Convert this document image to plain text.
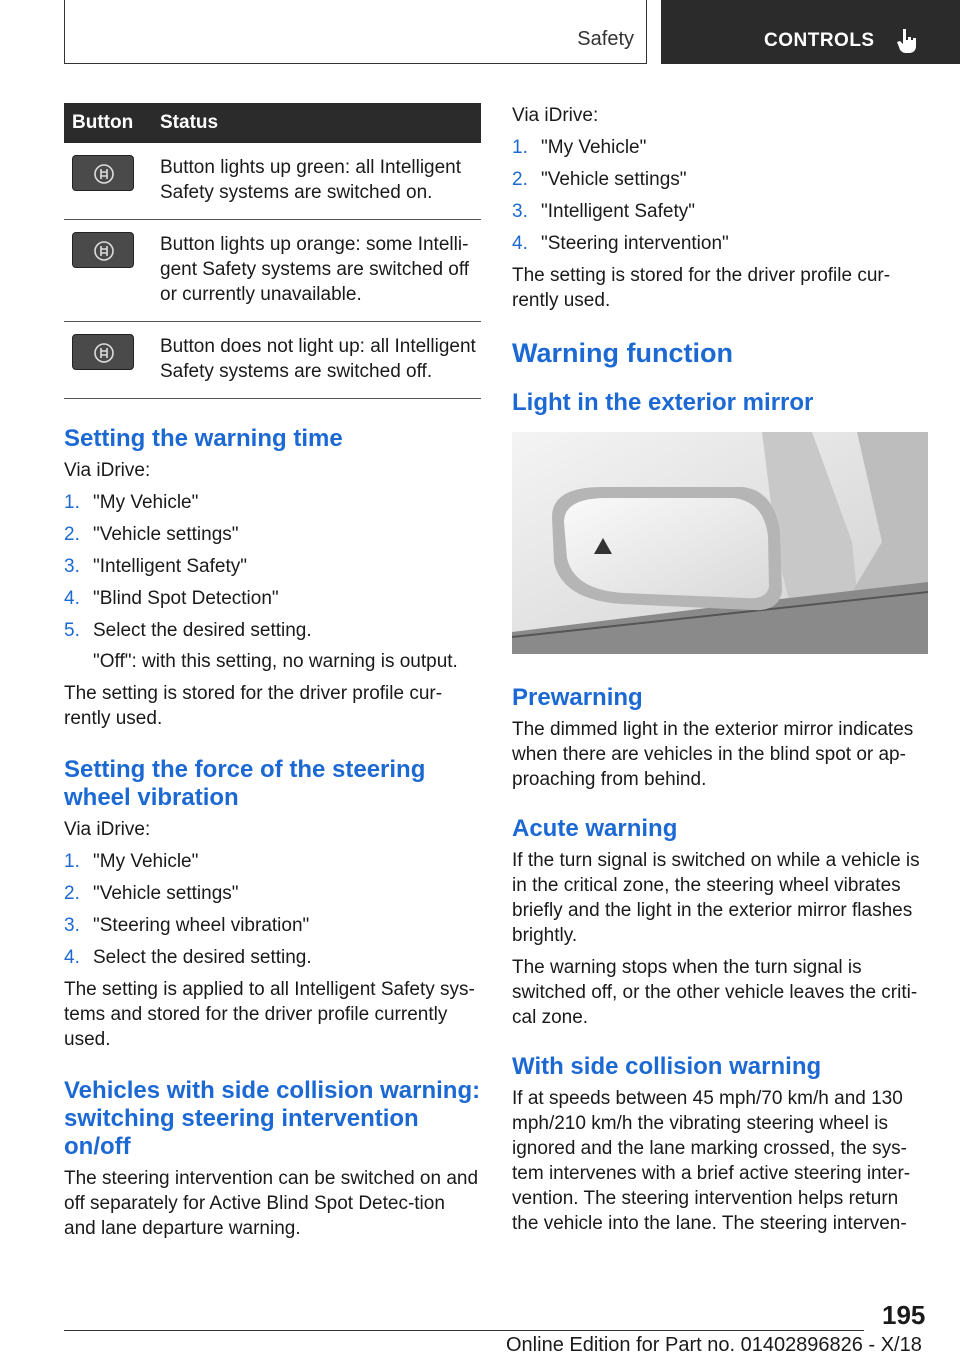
Safety	CONTROLS
Button	Status

	Button lights up green: all Intelligent Safety systems are switched on.

	Button lights up orange: some Intelli-gent Safety systems are switched off or currently unavailable.

	Button does not light up: all Intelligent Safety systems are switched off.
Setting the warning time

Via iDrive:

1. "My Vehicle"
2. "Vehicle settings"
3. "Intelligent Safety"
4. "Blind Spot Detection"
5. Select the desired setting.
"Off": with this setting, no warning is output.

The setting is stored for the driver profile cur-rently used.

Setting the force of the steering wheel vibration

Via iDrive:

1. "My Vehicle"
2. "Vehicle settings"
3. "Steering wheel vibration"
4. Select the desired setting.

The setting is applied to all Intelligent Safety sys-tems and stored for the driver profile currently used.

Vehicles with side collision warning: switching steering intervention on/off

The steering intervention can be switched on and off separately for Active Blind Spot Detec-tion and lane departure warning.

Via iDrive:

1. "My Vehicle"
2. "Vehicle settings"
3. "Intelligent Safety"
4. "Steering intervention"

The setting is stored for the driver profile cur-rently used.

Warning function
Light in the exterior mirror
Prewarning

The dimmed light in the exterior mirror indicates when there are vehicles in the blind spot or ap-proaching from behind.

Acute warning

If the turn signal is switched on while a vehicle is in the critical zone, the steering wheel vibrates briefly and the light in the exterior mirror flashes brightly.

The warning stops when the turn signal is switched off, or the other vehicle leaves the criti-cal zone.

With side collision warning

If at speeds between 45 mph/70 km/h and 130 mph/210 km/h the vibrating steering wheel is ignored and the lane marking crossed, the sys-tem intervenes with a brief active steering inter-vention. The steering intervention helps return the vehicle into the lane. The steering interven-

195
Online Edition for Part no. 01402896826 - X/18
